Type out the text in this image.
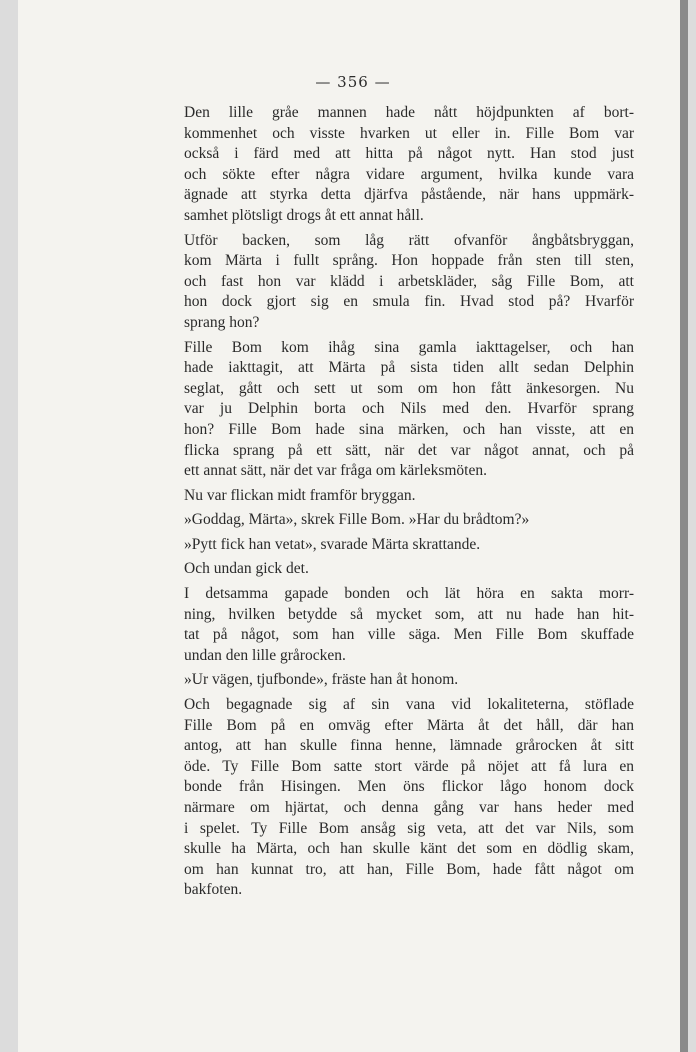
— 356 —

Den lille gråe mannen hade nått höjdpunkten af bort-
kommenhet och visste hvarken ut eller in. Fille Bom var
också i färd med att hitta på något nytt. Han stod just
och sökte efter några vidare argument, hvilka kunde vara
ägnade att styrka detta djärfva påstående, när hans uppmärk-
samhet plötsligt drogs åt ett annat håll.

Utför backen, som låg rätt ofvanför ångbåtsbryggan,
kom Märta i fullt språng. Hon hoppade från sten till sten,
och fast hon var klädd i arbetskläder, såg Fille Bom, att
hon dock gjort sig en smula fin. Hvad stod på? Hvarför
sprang hon?

Fille Bom kom ihåg sina gamla iakttagelser, och han
hade iakttagit, att Märta på sista tiden allt sedan Delphin
seglat, gått och sett ut som om hon fått änkesorgen. Nu
var ju Delphin borta och Nils med den. Hvarför sprang
hon? Fille Bom hade sina märken, och han visste, att en
flicka sprang på ett sätt, när det var något annat, och på
ett annat sätt, när det var fråga om kärleksmöten.

Nu var flickan midt framför bryggan.

»Goddag, Märta», skrek Fille Bom. »Har du brådtom?»

»Pytt fick han vetat», svarade Märta skrattande.

Och undan gick det.

I detsamma gapade bonden och lät höra en sakta morr-
ning, hvilken betydde så mycket som, att nu hade han hit-
tat på något, som han ville säga. Men Fille Bom skuffade
undan den lille grårocken.

»Ur vägen, tjufbonde», fräste han åt honom.

Och begagnade sig af sin vana vid lokaliteterna, stöflade
Fille Bom på en omväg efter Märta åt det håll, där han
antog, att han skulle finna henne, lämnade grårocken åt sitt
öde. Ty Fille Bom satte stort värde på nöjet att få lura en
bonde från Hisingen. Men öns flickor lågo honom dock
närmare om hjärtat, och denna gång var hans heder med
i spelet. Ty Fille Bom ansåg sig veta, att det var Nils, som
skulle ha Märta, och han skulle känt det som en dödlig skam,
om han kunnat tro, att han, Fille Bom, hade fått något om
bakfoten.
